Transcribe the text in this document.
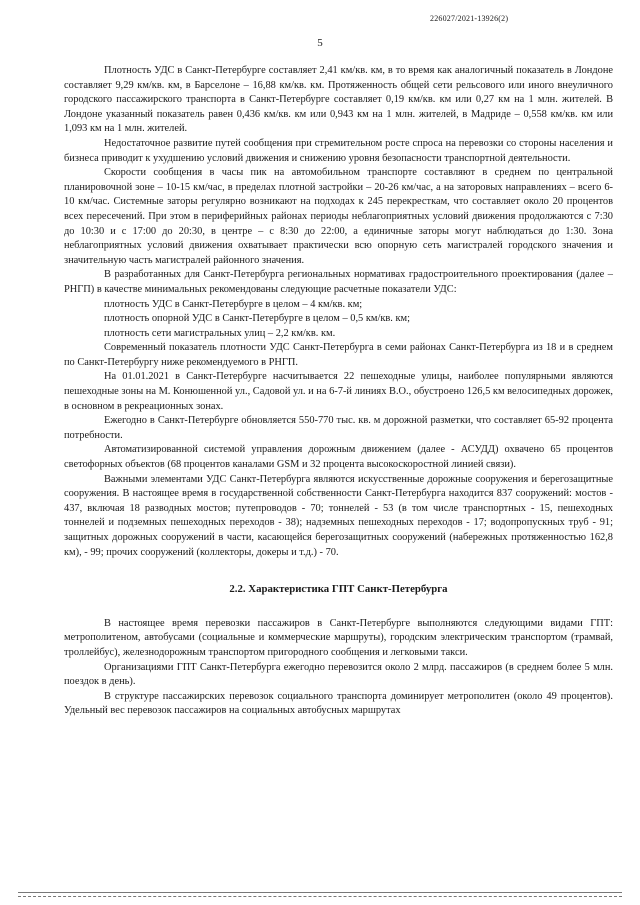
226027/2021-13926(2)
5

Плотность УДС в Санкт-Петербурге составляет 2,41 км/кв. км, в то время как аналогичный показатель в Лондоне составляет 9,29 км/кв. км, в Барселоне – 16,88 км/кв. км. Протяженность общей сети рельсового или иного внеуличного городского пассажирского транспорта в Санкт-Петербурге составляет 0,19 км/кв. км или 0,27 км на 1 млн. жителей. В Лондоне указанный показатель равен 0,436 км/кв. км или 0,943 км на 1 млн. жителей, в Мадриде – 0,558 км/кв. км или 1,093 км на 1 млн. жителей.

Недостаточное развитие путей сообщения при стремительном росте спроса на перевозки со стороны населения и бизнеса приводит к ухудшению условий движения и снижению уровня безопасности транспортной деятельности.

Скорости сообщения в часы пик на автомобильном транспорте составляют в среднем по центральной планировочной зоне – 10-15 км/час, в пределах плотной застройки – 20-26 км/час, а на заторовых направлениях – всего 6-10 км/час. Системные заторы регулярно возникают на подходах к 245 перекресткам, что составляет около 20 процентов всех пересечений. При этом в периферийных районах периоды неблагоприятных условий движения продолжаются с 7:30 до 10:30 и с 17:00 до 20:30, в центре – с 8:30 до 22:00, а единичные заторы могут наблюдаться до 1:30. Зона неблагоприятных условий движения охватывает практически всю опорную сеть магистралей городского значения и значительную часть магистралей районного значения.

В разработанных для Санкт-Петербурга региональных нормативах градостроительного проектирования (далее – РНГП) в качестве минимальных рекомендованы следующие расчетные показатели УДС:

плотность УДС в Санкт-Петербурге в целом – 4 км/кв. км;

плотность опорной УДС в Санкт-Петербурге в целом – 0,5 км/кв. км;

плотность сети магистральных улиц – 2,2 км/кв. км.

Современный показатель плотности УДС Санкт-Петербурга в семи районах Санкт-Петербурга из 18 и в среднем по Санкт-Петербургу ниже рекомендуемого в РНГП.

На 01.01.2021 в Санкт-Петербурге насчитывается 22 пешеходные улицы, наиболее популярными являются пешеходные зоны на М. Конюшенной ул., Садовой ул. и на 6-7-й линиях В.О., обустроено 126,5 км велосипедных дорожек, в основном в рекреационных зонах.

Ежегодно в Санкт-Петербурге обновляется 550-770 тыс. кв. м дорожной разметки, что составляет 65-92 процента потребности.

Автоматизированной системой управления дорожным движением (далее - АСУДД) охвачено 65 процентов светофорных объектов (68 процентов каналами GSM и 32 процента высокоскоростной линией связи).

Важными элементами УДС Санкт-Петербурга являются искусственные дорожные сооружения и берегозащитные сооружения. В настоящее время в государственной собственности Санкт-Петербурга находится 837 сооружений: мостов - 437, включая 18 разводных мостов; путепроводов - 70; тоннелей - 53 (в том числе транспортных - 15, пешеходных тоннелей и подземных пешеходных переходов - 38); надземных пешеходных переходов - 17; водопропускных труб - 91; защитных дорожных сооружений в части, касающейся берегозащитных сооружений (набережных протяженностью 162,8 км), - 99; прочих сооружений (коллекторы, докеры и т.д.) - 70.

2.2. Характеристика ГПТ Санкт-Петербурга

В настоящее время перевозки пассажиров в Санкт-Петербурге выполняются следующими видами ГПТ: метрополитеном, автобусами (социальные и коммерческие маршруты), городским электрическим транспортом (трамвай, троллейбус), железнодорожным транспортом пригородного сообщения и легковыми такси.

Организациями ГПТ Санкт-Петербурга ежегодно перевозится около 2 млрд. пассажиров (в среднем более 5 млн. поездок в день).

В структуре пассажирских перевозок социального транспорта доминирует метрополитен (около 49 процентов). Удельный вес перевозок пассажиров на социальных автобусных маршрутах
